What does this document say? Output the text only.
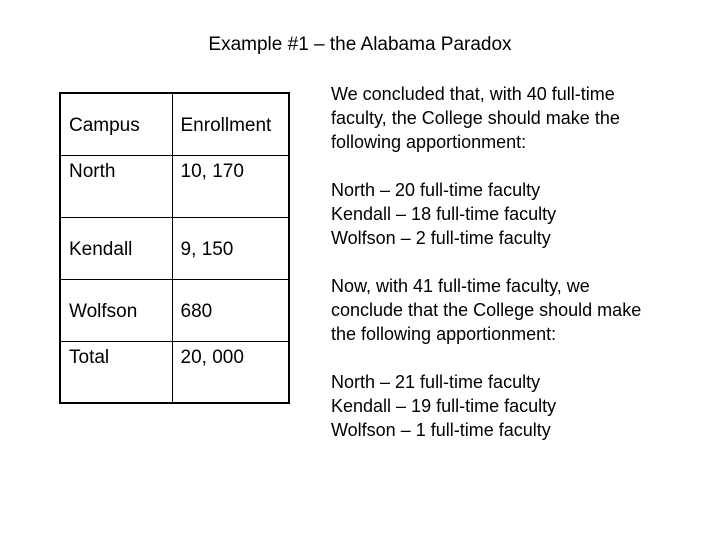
Example #1 – the Alabama Paradox
Campus	Enrollment
North	10, 170
Kendall	9, 150
Wolfson	680
Total	20, 000
We concluded that, with 40 full-time
faculty, the College should make the
following apportionment:
North – 20 full-time faculty
Kendall – 18 full-time faculty
Wolfson – 2 full-time faculty
Now, with 41 full-time faculty, we
conclude that the College should make
the following apportionment:
North – 21 full-time faculty
Kendall – 19 full-time faculty
Wolfson – 1 full-time faculty
